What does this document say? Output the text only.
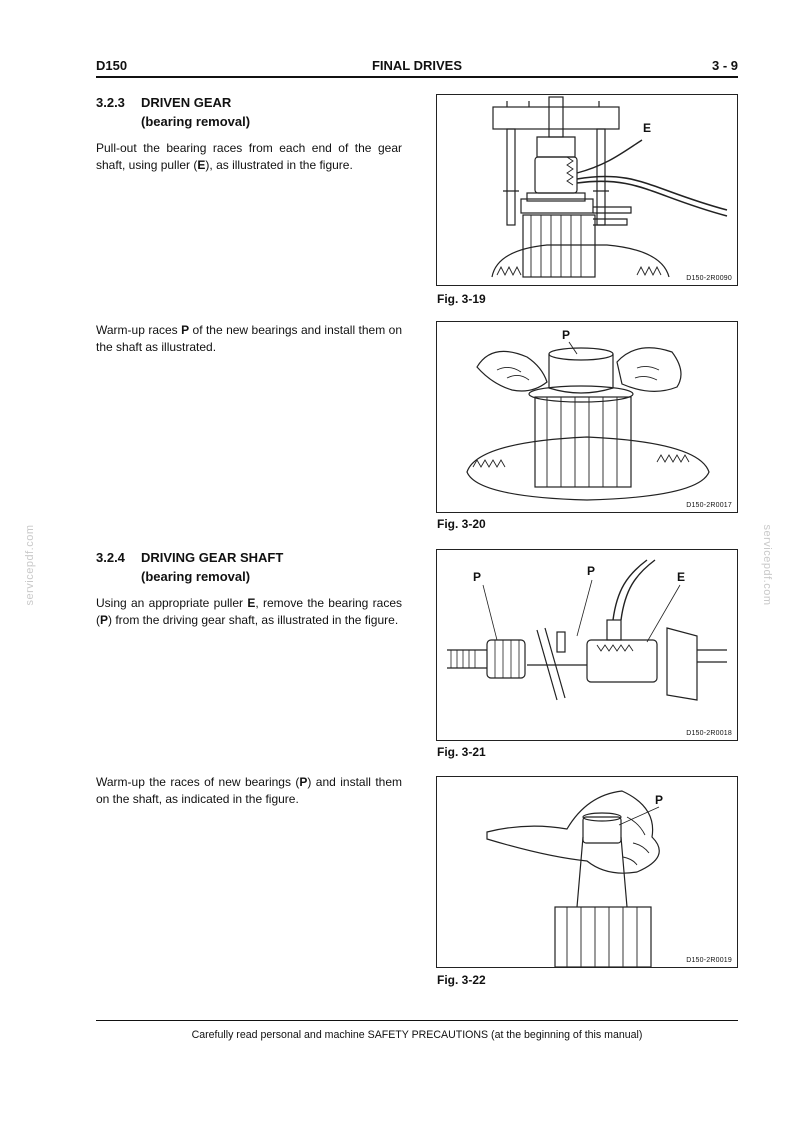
D150	FINAL DRIVES	3 - 9
3.2.3	DRIVEN GEAR
(bearing removal)

Pull-out the bearing races from each end of the gear shaft, using puller (E), as illustrated in the figure.

Warm-up races P of the new bearings and install them on the shaft as illustrated.
3.2.4	DRIVING GEAR SHAFT
(bearing removal)

Using an appropriate puller E, remove the bearing races (P) from the driving gear shaft, as illustrated in the figure.

Warm-up the races of new bearings (P) and install them on the shaft, as indicated in the figure.
E
D150-2R0090
Fig. 3-19
P
D150-2R0017
Fig. 3-20
P	P	E
D150-2R0018
Fig. 3-21
P
D150-2R0019
Fig. 3-22
Carefully read personal and machine SAFETY PRECAUTIONS (at the beginning of this manual)
servicepdf.com	servicepdf.com
